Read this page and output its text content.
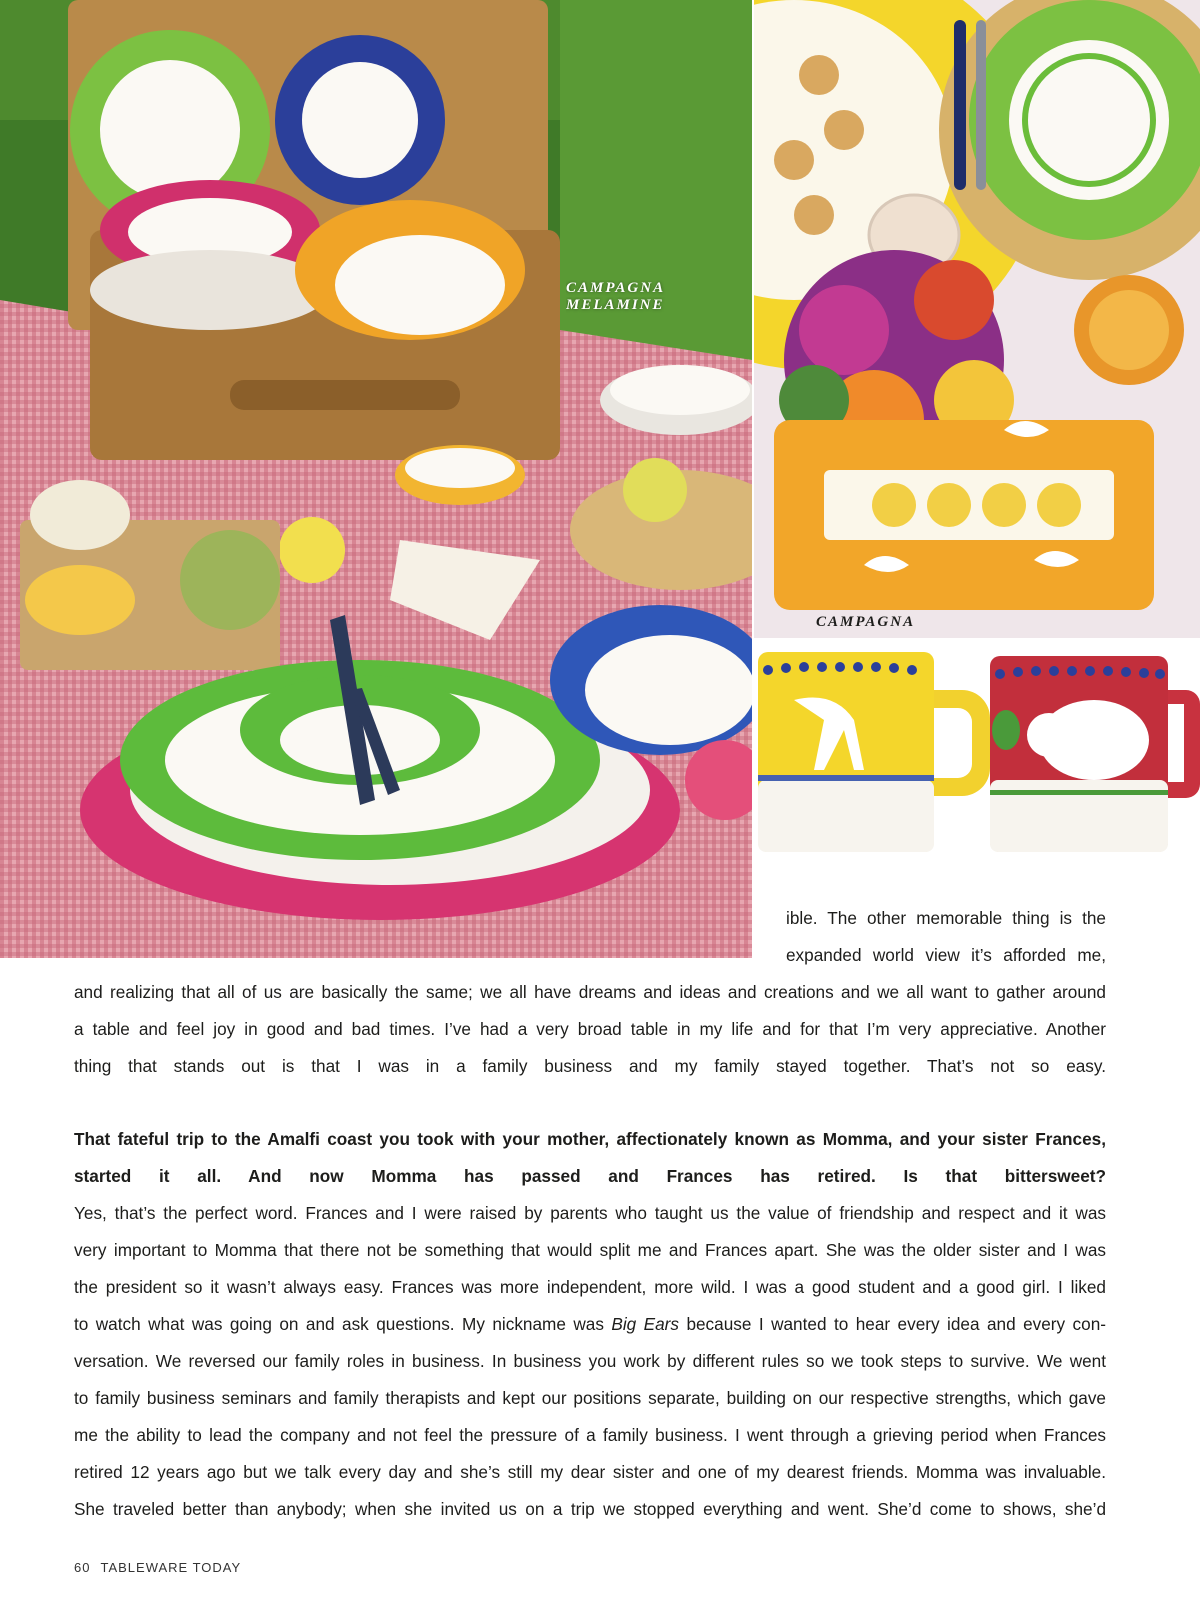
CAMPAGNA
MELAMINE
CAMPAGNA
ible. The other memorable thing is the
expanded world view it’s afforded me,
and realizing that all of us are basically the same; we all have dreams and ideas and creations and we all want to gather around
a table and feel joy in good and bad times. I’ve had a very broad table in my life and for that I’m very appreciative. Another
thing that stands out is that I was in a family business and my family stayed together. That’s not so easy.
That fateful trip to the Amalfi coast you took with your mother, affectionately known as Momma, and your sister Frances,
started it all. And now Momma has passed and Frances has retired. Is that bittersweet?
Yes, that’s the perfect word. Frances and I were raised by parents who taught us the value of friendship and respect and it was
very important to Momma that there not be something that would split me and Frances apart. She was the older sister and I was
the president so it wasn’t always easy. Frances was more independent, more wild. I was a good student and a good girl. I liked
to watch what was going on and ask questions. My nickname was Big Ears because I wanted to hear every idea and every con-
versation. We reversed our family roles in business. In business you work by different rules so we took steps to survive. We went
to family business seminars and family therapists and kept our positions separate, building on our respective strengths, which gave
me the ability to lead the company and not feel the pressure of a family business. I went through a grieving period when Frances
retired 12 years ago but we talk every day and she’s still my dear sister and one of my dearest friends. Momma was invaluable.
She traveled better than anybody; when she invited us on a trip we stopped everything and went. She’d come to shows, she’d
60 TABLEWARE TODAY
